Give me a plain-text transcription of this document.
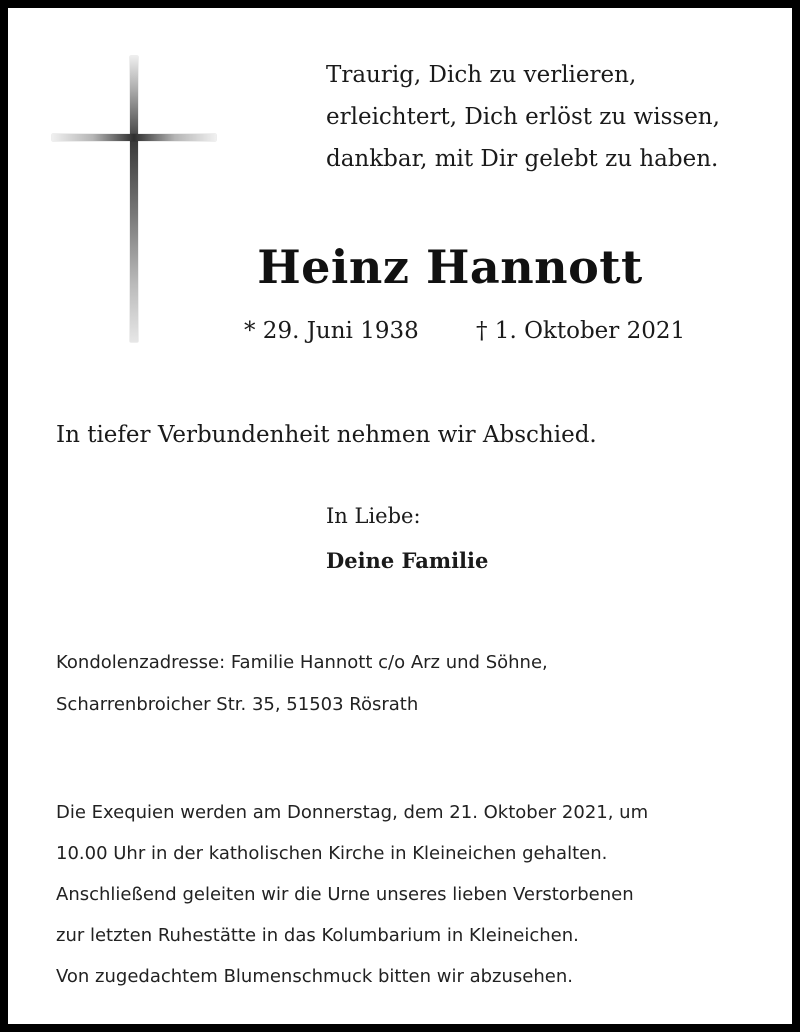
Traurig, Dich zu verlieren,
erleichtert, Dich erlöst zu wissen,
dankbar, mit Dir gelebt zu haben.
Heinz Hannott
* 29. Juni 1938 † 1. Oktober 2021
In tiefer Verbundenheit nehmen wir Abschied.
In Liebe:
Deine Familie
Kondolenzadresse: Familie Hannott c/o Arz und Söhne,
Scharrenbroicher Str. 35, 51503 Rösrath
Die Exequien werden am Donnerstag, dem 21. Oktober 2021, um
10.00 Uhr in der katholischen Kirche in Kleineichen gehalten.
Anschließend geleiten wir die Urne unseres lieben Verstorbenen
zur letzten Ruhestätte in das Kolumbarium in Kleineichen.
Von zugedachtem Blumenschmuck bitten wir abzusehen.
